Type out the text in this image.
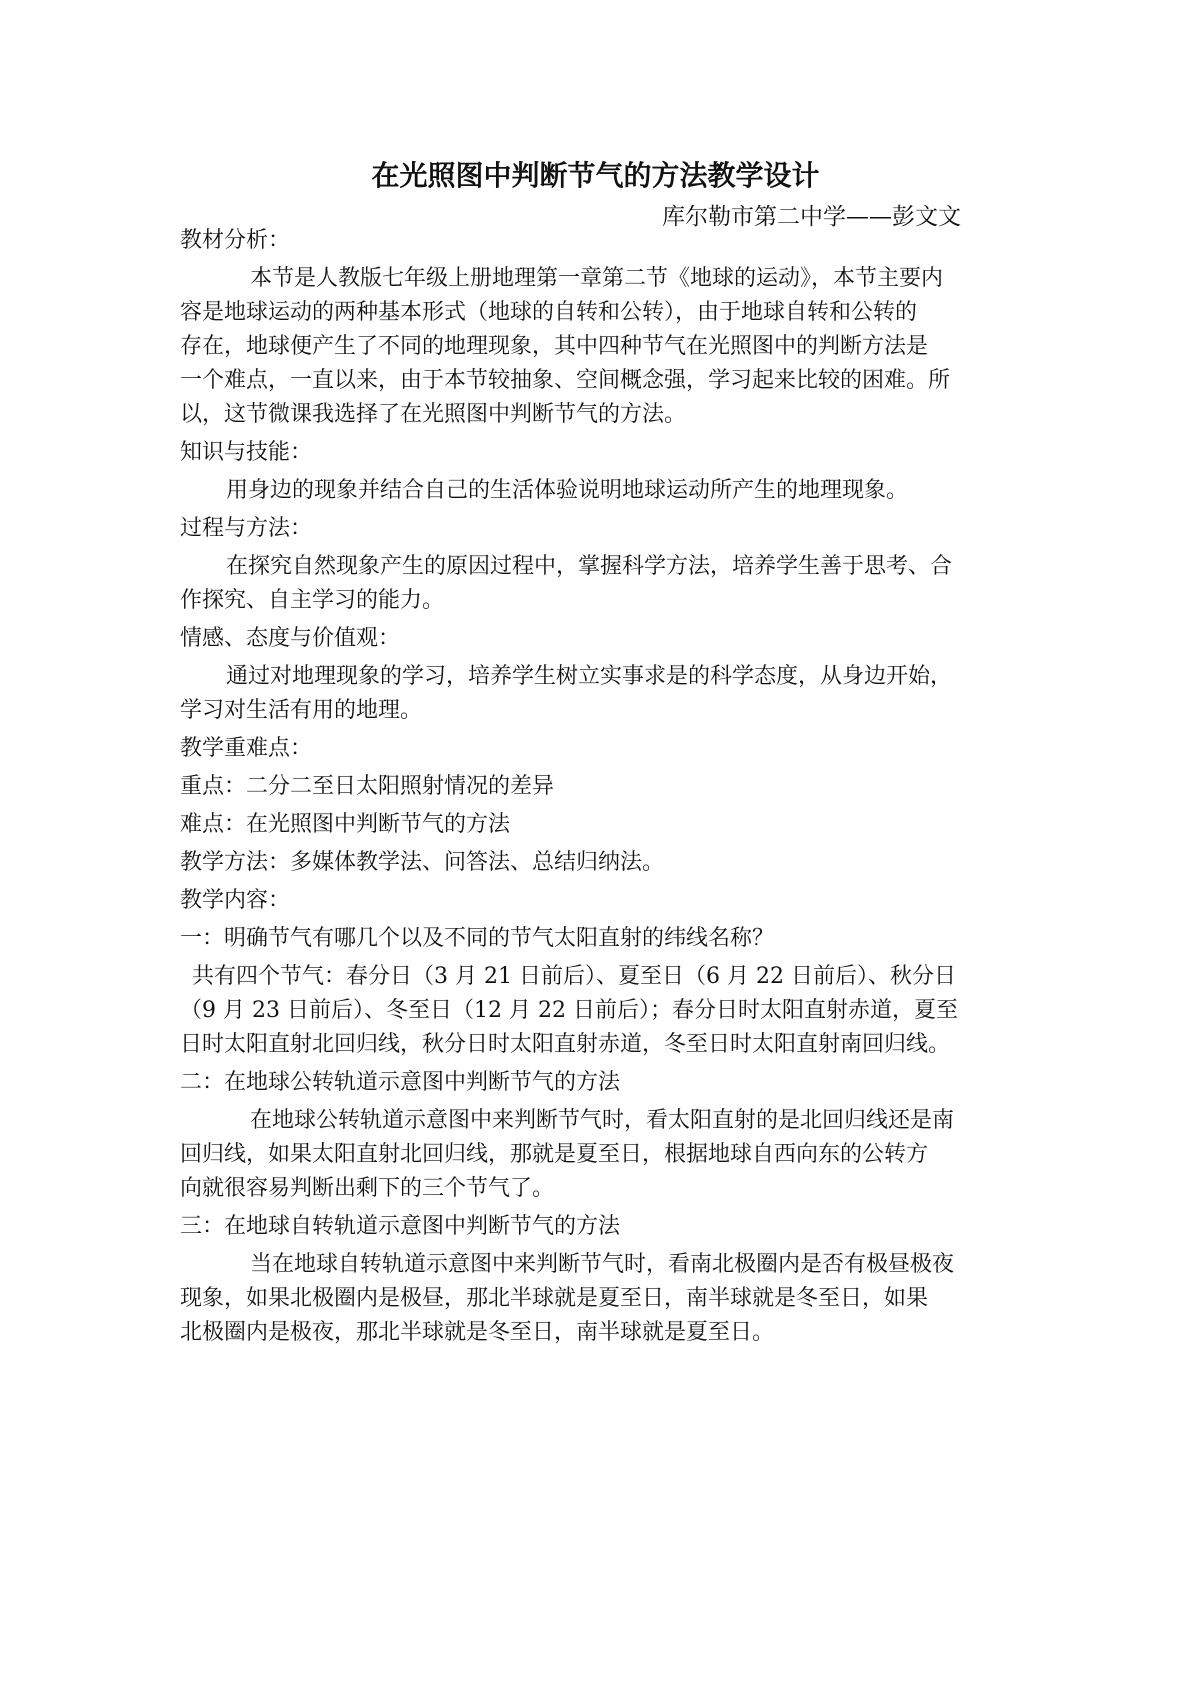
在光照图中判断节气的方法教学设计
库尔勒市第二中学——彭文文
教材分析：
本节是人教版七年级上册地理第一章第二节《地球的运动》，本节主要内
容是地球运动的两种基本形式（地球的自转和公转），由于地球自转和公转的
存在，地球便产生了不同的地理现象，其中四种节气在光照图中的判断方法是
一个难点，一直以来，由于本节较抽象、空间概念强，学习起来比较的困难。所
以，这节微课我选择了在光照图中判断节气的方法。
知识与技能：
用身边的现象并结合自己的生活体验说明地球运动所产生的地理现象。
过程与方法：
在探究自然现象产生的原因过程中，掌握科学方法，培养学生善于思考、合
作探究、自主学习的能力。
情感、态度与价值观：
通过对地理现象的学习，培养学生树立实事求是的科学态度，从身边开始，
学习对生活有用的地理。
教学重难点：
重点：二分二至日太阳照射情况的差异
难点：在光照图中判断节气的方法
教学方法：多媒体教学法、问答法、总结归纳法。
教学内容：
一：明确节气有哪几个以及不同的节气太阳直射的纬线名称？
共有四个节气：春分日（3 月 21 日前后）、夏至日（6 月 22 日前后）、秋分日
（9 月 23 日前后）、冬至日（12 月 22 日前后）；春分日时太阳直射赤道，夏至
日时太阳直射北回归线，秋分日时太阳直射赤道，冬至日时太阳直射南回归线。
二：在地球公转轨道示意图中判断节气的方法
在地球公转轨道示意图中来判断节气时，看太阳直射的是北回归线还是南
回归线，如果太阳直射北回归线，那就是夏至日，根据地球自西向东的公转方
向就很容易判断出剩下的三个节气了。
三：在地球自转轨道示意图中判断节气的方法
当在地球自转轨道示意图中来判断节气时，看南北极圈内是否有极昼极夜
现象，如果北极圈内是极昼，那北半球就是夏至日，南半球就是冬至日，如果
北极圈内是极夜，那北半球就是冬至日，南半球就是夏至日。
